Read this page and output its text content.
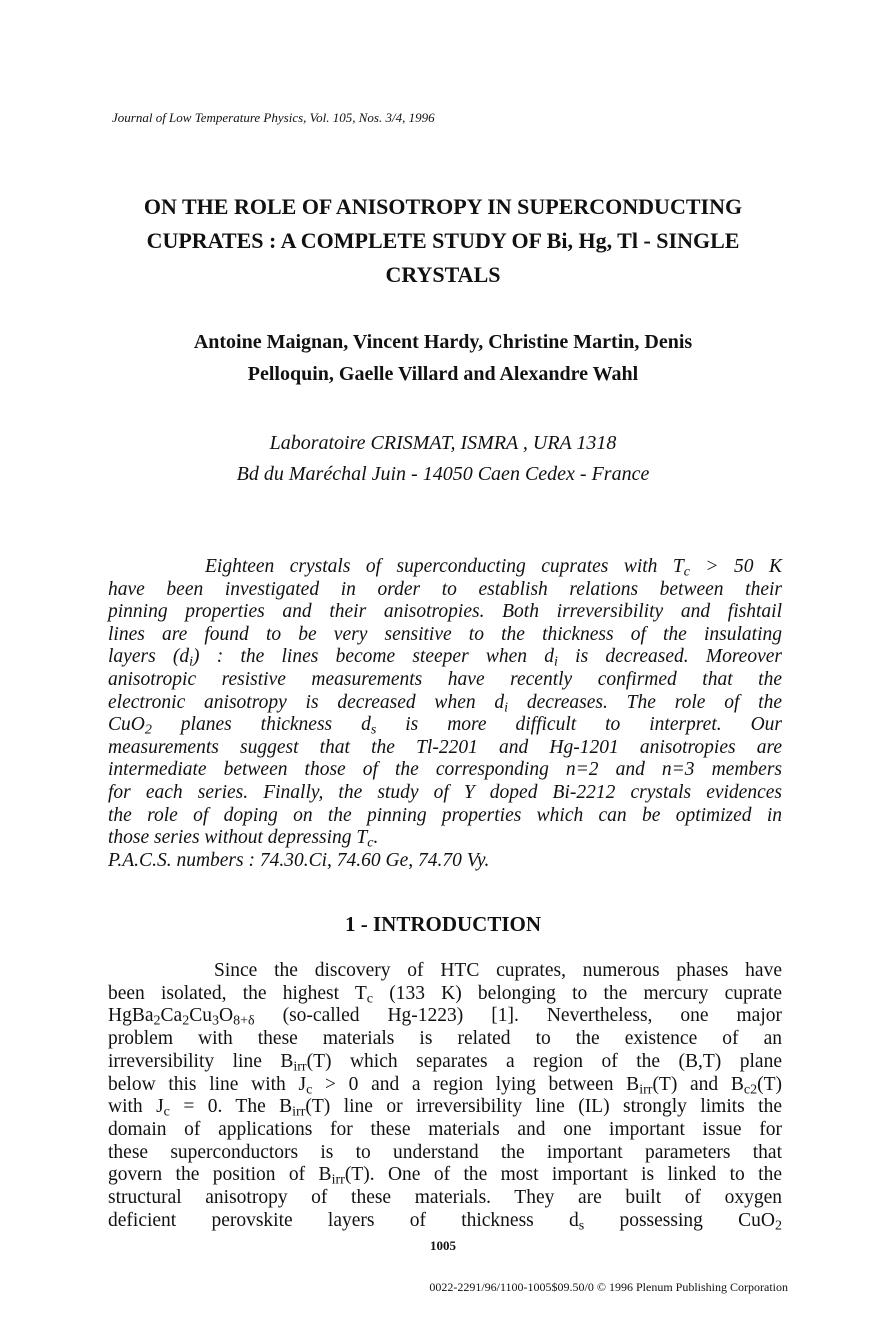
Journal of Low Temperature Physics, Vol. 105, Nos. 3/4, 1996
ON THE ROLE OF ANISOTROPY IN SUPERCONDUCTING
CUPRATES : A COMPLETE STUDY OF Bi, Hg, Tl - SINGLE
CRYSTALS
Antoine Maignan, Vincent Hardy, Christine Martin, Denis
Pelloquin, Gaelle Villard and Alexandre Wahl
Laboratoire CRISMAT, ISMRA , URA 1318
Bd du Maréchal Juin - 14050 Caen Cedex - France
Eighteen crystals of superconducting cuprates with $T_c > 50$ K
have been investigated in order to establish relations between their
pinning properties and their anisotropies. Both irreversibility and fishtail
lines are found to be very sensitive to the thickness of the insulating
layers $(d_i)$ : the lines become steeper when $d_i$ is decreased. Moreover
anisotropic resistive measurements have recently confirmed that the
electronic anisotropy is decreased when $d_i$ decreases. The role of the
CuO$_2$ planes thickness $d_s$ is more difficult to interpret. Our
measurements suggest that the Tl-2201 and Hg-1201 anisotropies are
intermediate between those of the corresponding n=2 and n=3 members
for each series. Finally, the study of Y doped Bi-2212 crystals evidences
the role of doping on the pinning properties which can be optimized in
those series without depressing $T_c$.
P.A.C.S. numbers : 74.30.Ci, 74.60 Ge, 74.70 Vy.
1 - INTRODUCTION
Since the discovery of HTC cuprates, numerous phases have
been isolated, the highest $T_c$ (133 K) belonging to the mercury cuprate
$HgBa_2Ca_2Cu_3O_{8+\delta}$ (so-called Hg-1223) [1]. Nevertheless, one major
problem with these materials is related to the existence of an
irreversibility line $B_{irr}(T)$ which separates a region of the (B,T) plane
below this line with $J_c > 0$ and a region lying between $B_{irr}(T)$ and $B_{c2}(T)$
with $J_c = 0$. The $B_{irr}(T)$ line or irreversibility line (IL) strongly limits the
domain of applications for these materials and one important issue for
these superconductors is to understand the important parameters that
govern the position of $B_{irr}(T)$. One of the most important is linked to the
structural anisotropy of these materials. They are built of oxygen
deficient perovskite layers of thickness $d_s$ possessing CuO$_2$
1005
0022-2291/96/1100-1005$09.50/0 © 1996 Plenum Publishing Corporation
